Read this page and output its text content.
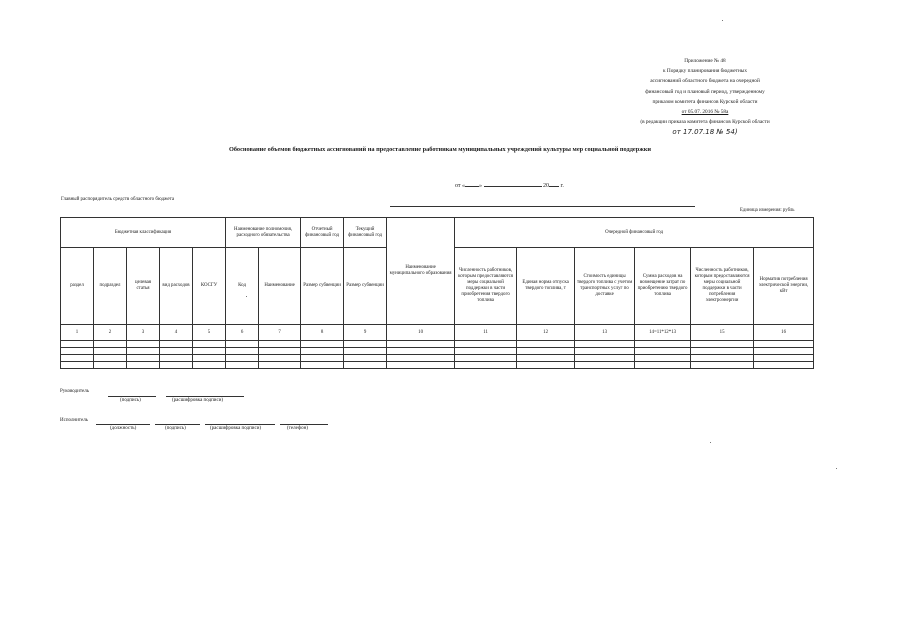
Приложение № 48
к Порядку планирования бюджетных
ассигнований областного бюджета на очередной
финансовый год и плановый период, утвержденному
приказом комитета финансов Курской области
от 05.07. 2016 № 58а
(в редакции приказа комитета финансов Курской области
от 17.07.18 № 54)
Обоснование объемов бюджетных ассигнований на предоставление работникам муниципальных учреждений культуры мер социальной поддержки
от « »	20 г.
Главный распорядитель средств областного бюджета
Единица измерения: рубль
Бюджетная классификация					Наименование полномочия, расходного обязательства		Отчетный финансовый год	Текущий финансовый год	Наименование муниципального образования	Очередной финансовый год					
раздел	подраздел	целевая статья	вид расходов	КОСГУ	Код	Наименование	Размер субвенции	Размер субвенции		Численность работников, которым предоставляются меры социальной поддержки в части приобретения твердого топлива	Единая норма отпуска твердого топлива, т	Стоимость единицы твердого топлива с учетом транспортных услуг по доставке	Сумма расходов на возмещение затрат по приобретению твердого топлива	Численность работников, которым предоставляются меры социальной поддержки в части потребления электроэнергии	Норматив потребления электрической энергии, кВт
1	2	3	4	5	6	7	8	9	10	11	12	13	14=11*12*13	15	16

Руководитель
(подпись)	(расшифровка подписи)
Исполнитель
(должность)	(подпись)	(расшифровка подписи)	(телефон)
